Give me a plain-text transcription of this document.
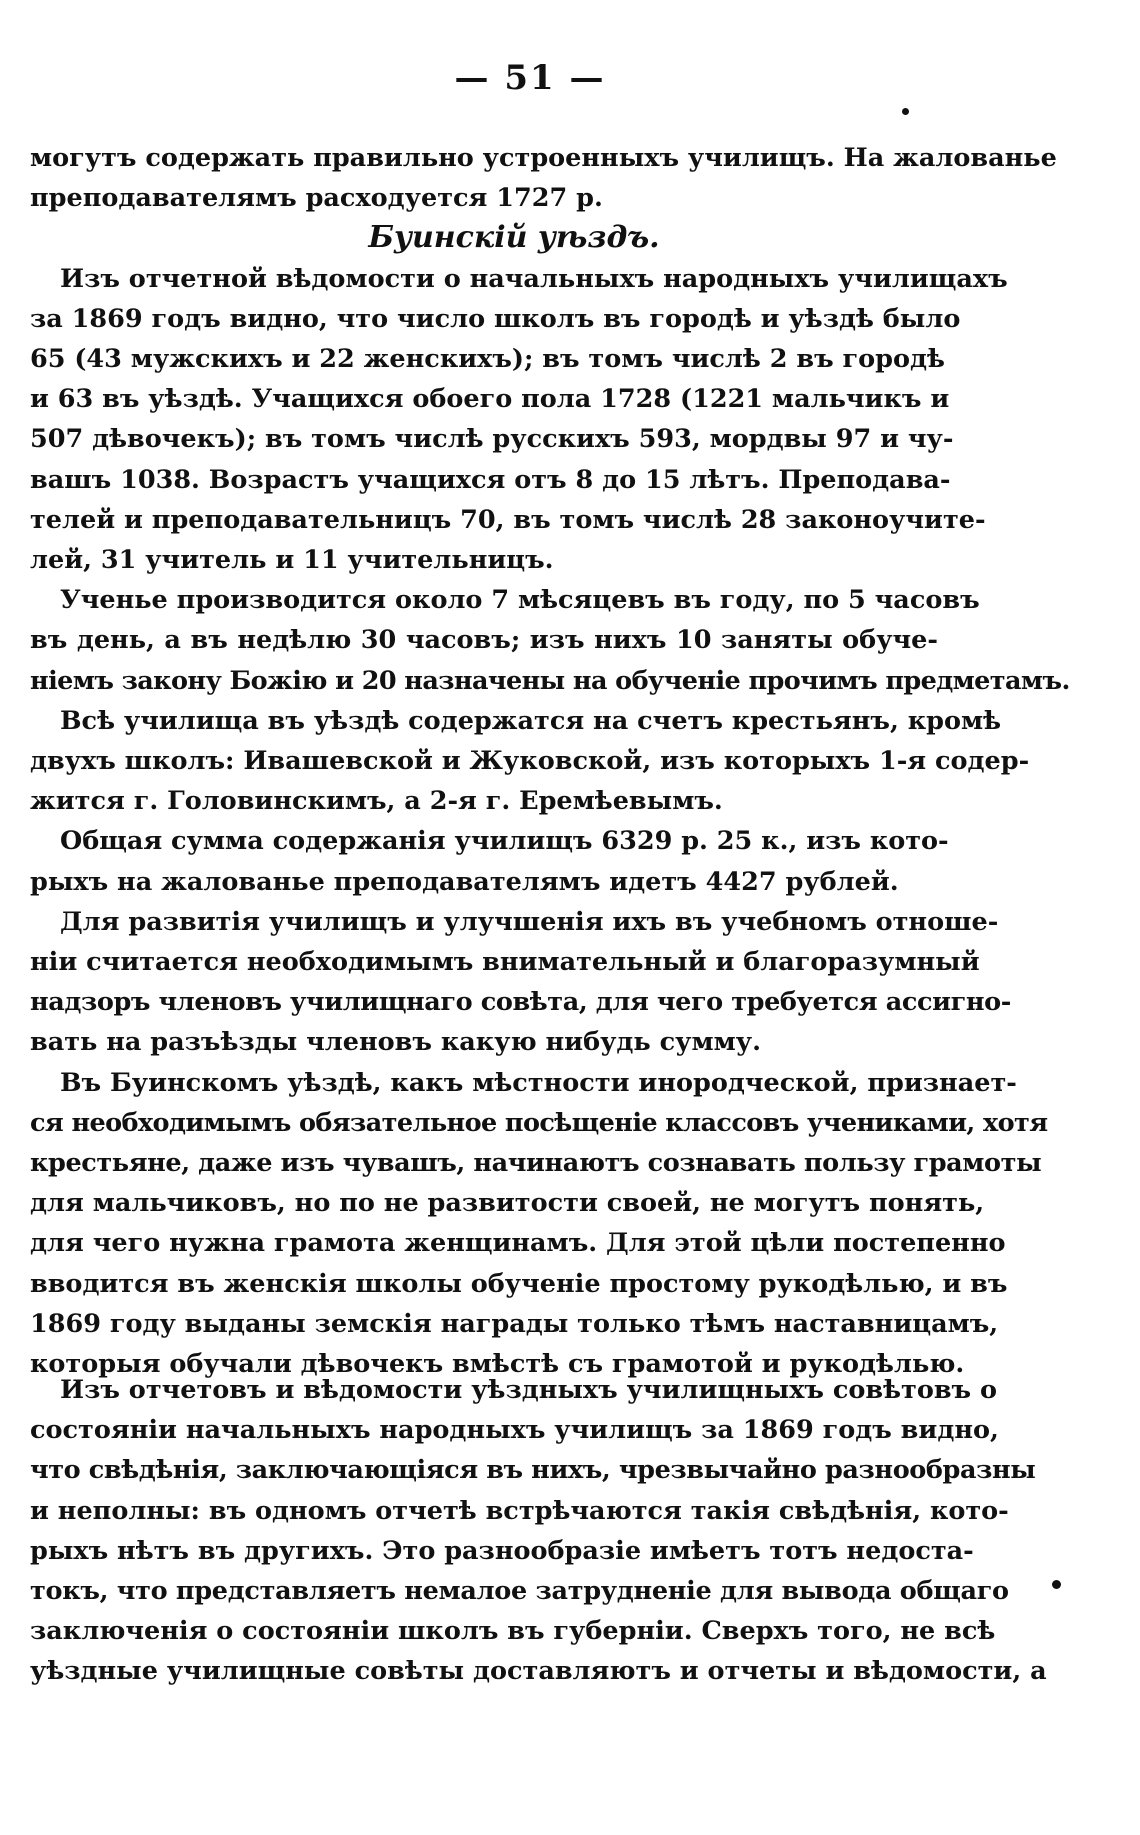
— 51 —
могутъ содержать правильно устроенныхъ училищъ. На жалованье
преподавателямъ расходуется 1727 р.
Буинскій уѣздъ.
Изъ отчетной вѣдомости о начальныхъ народныхъ училищахъ
за 1869 годъ видно, что число школъ въ городѣ и уѣздѣ было
65 (43 мужскихъ и 22 женскихъ); въ томъ числѣ 2 въ городѣ
и 63 въ уѣздѣ. Учащихся обоего пола 1728 (1221 мальчикъ и
507 дѣвочекъ); въ томъ числѣ русскихъ 593, мордвы 97 и чу-
вашъ 1038. Возрастъ учащихся отъ 8 до 15 лѣтъ. Преподава-
телей и преподавательницъ 70, въ томъ числѣ 28 законоучите-
лей, 31 учитель и 11 учительницъ.
Ученье производится около 7 мѣсяцевъ въ году, по 5 часовъ
въ день, а въ недѣлю 30 часовъ; изъ нихъ 10 заняты обуче-
ніемъ закону Божію и 20 назначены на обученіе прочимъ предметамъ.
Всѣ училища въ уѣздѣ содержатся на счетъ крестьянъ, кромѣ
двухъ школъ: Ивашевской и Жуковской, изъ которыхъ 1-я содер-
жится г. Головинскимъ, а 2-я г. Еремѣевымъ.
Общая сумма содержанія училищъ 6329 р. 25 к., изъ кото-
рыхъ на жалованье преподавателямъ идетъ 4427 рублей.
Для развитія училищъ и улучшенія ихъ въ учебномъ отноше-
ніи считается необходимымъ внимательный и благоразумный
надзоръ членовъ училищнаго совѣта, для чего требуется ассигно-
вать на разъѣзды членовъ какую нибудь сумму.
Въ Буинскомъ уѣздѣ, какъ мѣстности инородческой, признает-
ся необходимымъ обязательное посѣщеніе классовъ учениками, хотя
крестьяне, даже изъ чувашъ, начинаютъ сознавать пользу грамоты
для мальчиковъ, но по не развитости своей, не могутъ понять,
для чего нужна грамота женщинамъ. Для этой цѣли постепенно
вводится въ женскія школы обученіе простому рукодѣлью, и въ
1869 году выданы земскія награды только тѣмъ наставницамъ,
которыя обучали дѣвочекъ вмѣстѣ съ грамотой и рукодѣлью.
Изъ отчетовъ и вѣдомости уѣздныхъ училищныхъ совѣтовъ о
состояніи начальныхъ народныхъ училищъ за 1869 годъ видно,
что свѣдѣнія, заключающіяся въ нихъ, чрезвычайно разнообразны
и неполны: въ одномъ отчетѣ встрѣчаются такія свѣдѣнія, кото-
рыхъ нѣтъ въ другихъ. Это разнообразіе имѣетъ тотъ недоста-
токъ, что представляетъ немалое затрудненіе для вывода общаго
заключенія о состояніи школъ въ губерніи. Сверхъ того, не всѣ
уѣздные училищные совѣты доставляютъ и отчеты и вѣдомости, а
